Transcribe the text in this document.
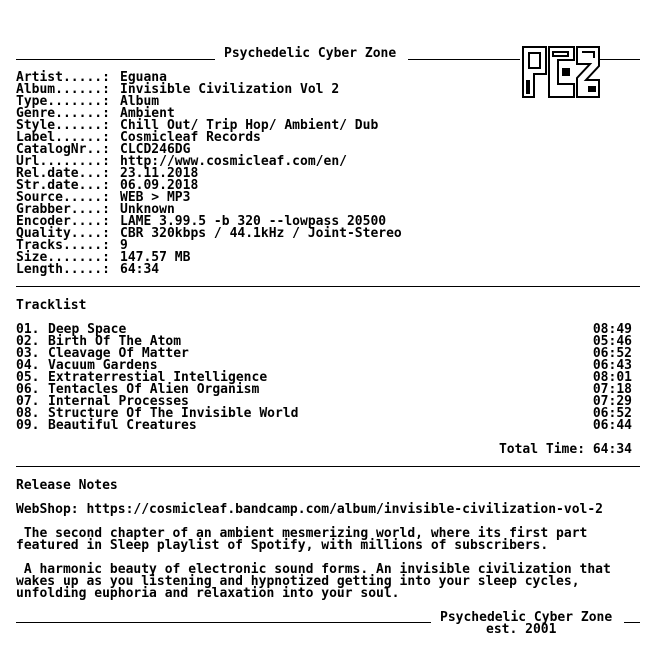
Psychedelic Cyber Zone

Artist.....: Eguana
Album......: Invisible Civilization Vol 2
Type.......: Album
Genre......: Ambient
Style......: Chill Out/ Trip Hop/ Ambient/ Dub
Label......: Cosmicleaf Records
CatalogNr..: CLCD246DG
Url........: http://www.cosmicleaf.com/en/
Rel.date...: 23.11.2018
Str.date...: 06.09.2018
Source.....: WEB > MP3
Grabber....: Unknown
Encoder....: LAME 3.99.5 -b 320 --lowpass 20500
Quality....: CBR 320kbps / 44.1kHz / Joint-Stereo
Tracks.....: 9
Size.......: 147.57 MB
Length.....: 64:34
Tracklist
01. Deep Space	08:49
02. Birth Of The Atom	05:46
03. Cleavage Of Matter	06:52
04. Vacuum Gardens	06:43
05. Extraterrestial Intelligence	08:01
06. Tentacles Of Alien Organism	07:18
07. Internal Processes	07:29
08. Structure Of The Invisible World	06:52
09. Beautiful Creatures	06:44
Total Time: 64:34
Release Notes
WebShop: https://cosmicleaf.bandcamp.com/album/invisible-civilization-vol-2
The second chapter of an ambient mesmerizing world, where its first part
featured in Sleep playlist of Spotify, with millions of subscribers.
A harmonic beauty of electronic sound forms. An invisible civilization that
wakes up as you listening and hypnotized getting into your sleep cycles,
unfolding euphoria and relaxation into your soul.
Psychedelic Cyber Zone
est. 2001
